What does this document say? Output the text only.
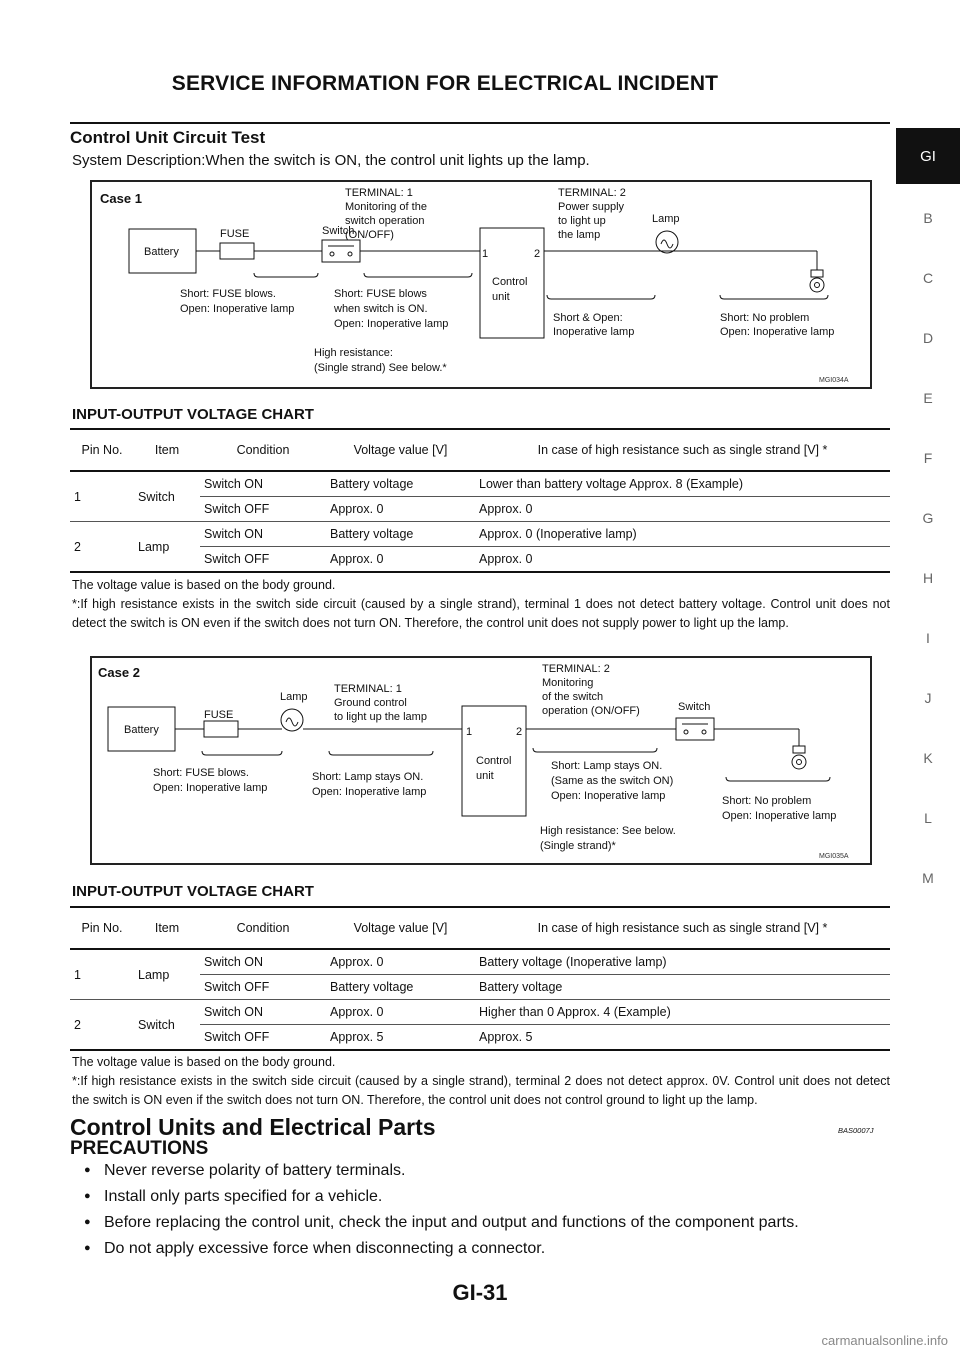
SERVICE INFORMATION FOR ELECTRICAL INCIDENT
GI
B
C
D
E
F
G
H
I
J
K
L
M
Control Unit Circuit Test
System Description:When the switch is ON, the control unit lights up the lamp.
Case 1
Battery
FUSE	Switch
1	2
Control
unit
Lamp
TERMINAL: 1
Monitoring of the
switch operation
(ON/OFF)
TERMINAL: 2
Power supply
to light up
the lamp
Short: FUSE blows.
Open: Inoperative lamp
Short: FUSE blows
when switch is ON.
Open: Inoperative lamp	Short & Open:
Inoperative lamp
Short: No problem
Open: Inoperative lamp
High resistance:
(Single strand) See below.*
MGI034A
INPUT-OUTPUT VOLTAGE CHART
Pin No.	Item	Condition	Voltage value [V]	In case of high resistance such as single strand [V] *
1	Switch	Switch ON	Battery voltage	Lower than battery voltage Approx. 8 (Example)
		Switch OFF	Approx. 0	Approx. 0
2	Lamp	Switch ON	Battery voltage	Approx. 0 (Inoperative lamp)
		Switch OFF	Approx. 0	Approx. 0
The voltage value is based on the body ground.
*:If high resistance exists in the switch side circuit (caused by a single strand), terminal 1 does not detect battery voltage. Control unit does not detect the switch is ON even if the switch does not turn ON. Therefore, the control unit does not supply power to light up the lamp.
Case 2
Battery
FUSE
Lamp
1	2
Control
unit
Switch
TERMINAL: 1
Ground control
to light up the lamp
TERMINAL: 2
Monitoring
of the switch
operation (ON/OFF)
Short: FUSE blows.
Open: Inoperative lamp
Short: Lamp stays ON.
Open: Inoperative lamp
Short: Lamp stays ON.
(Same as the switch ON)
Open: Inoperative lamp	Short: No problem
Open: Inoperative lamp
High resistance: See below.
(Single strand)*
MGI035A
INPUT-OUTPUT VOLTAGE CHART
Pin No.	Item	Condition	Voltage value [V]	In case of high resistance such as single strand [V] *
1	Lamp	Switch ON	Approx. 0	Battery voltage (Inoperative lamp)
		Switch OFF	Battery voltage	Battery voltage
2	Switch	Switch ON	Approx. 0	Higher than 0 Approx. 4 (Example)
		Switch OFF	Approx. 5	Approx. 5
The voltage value is based on the body ground.
*:If high resistance exists in the switch side circuit (caused by a single strand), terminal 2 does not detect approx. 0V. Control unit does not detect the switch is ON even if the switch does not turn ON. Therefore, the control unit does not control ground to light up the lamp.
Control Units and Electrical Parts	BAS0007J
PRECAUTIONS
● Never reverse polarity of battery terminals.
● Install only parts specified for a vehicle.
● Before replacing the control unit, check the input and output and functions of the component parts.
● Do not apply excessive force when disconnecting a connector.
GI-31
carmanualsonline.info
